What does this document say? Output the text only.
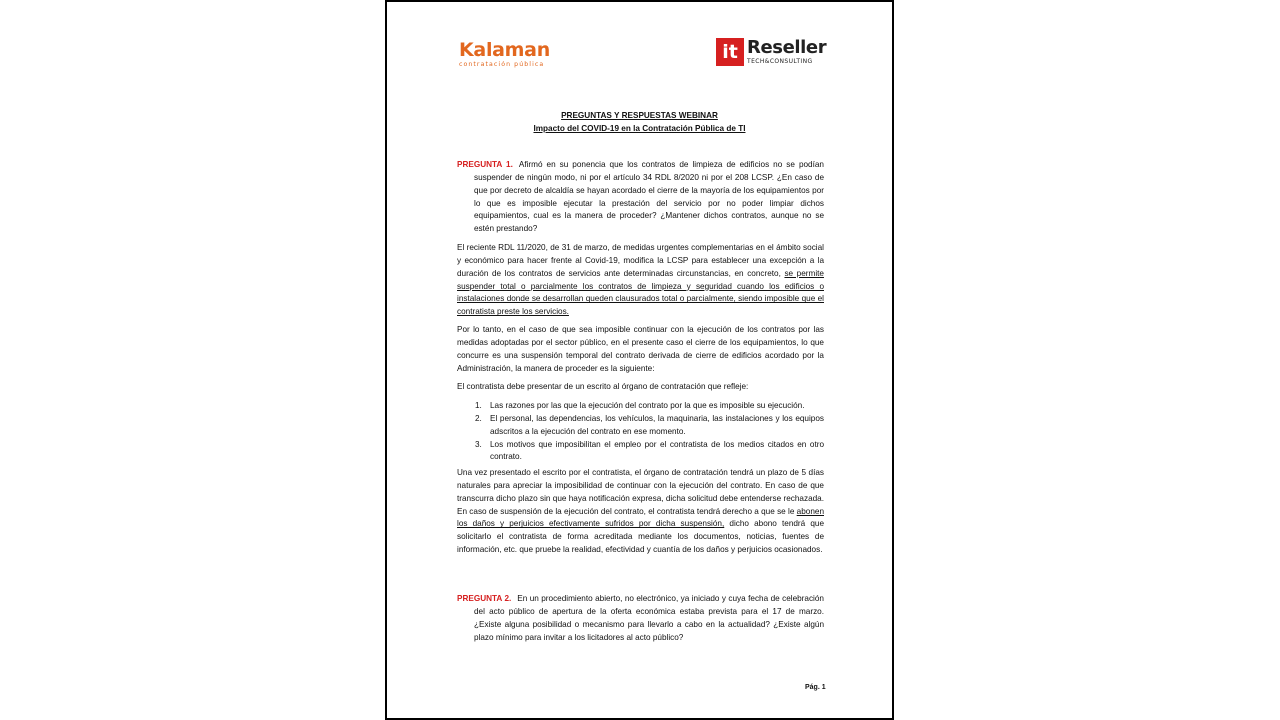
Kalaman
contratación pública
it Reseller
TECH&CONSULTING
PREGUNTAS Y RESPUESTAS WEBINAR
Impacto del COVID-19 en la Contratación Pública de TI
PREGUNTA 1. Afirmó en su ponencia que los contratos de limpieza de edificios no se podían suspender de ningún modo, ni por el artículo 34 RDL 8/2020 ni por el 208 LCSP. ¿En caso de que por decreto de alcaldía se hayan acordado el cierre de la mayoría de los equipamientos por lo que es imposible ejecutar la prestación del servicio por no poder limpiar dichos equipamientos, cual es la manera de proceder? ¿Mantener dichos contratos, aunque no se estén prestando?
El reciente RDL 11/2020, de 31 de marzo, de medidas urgentes complementarias en el ámbito social y económico para hacer frente al Covid-19, modifica la LCSP para establecer una excepción a la duración de los contratos de servicios ante determinadas circunstancias, en concreto, se permite suspender total o parcialmente los contratos de limpieza y seguridad cuando los edificios o instalaciones donde se desarrollan queden clausurados total o parcialmente, siendo imposible que el contratista preste los servicios.
Por lo tanto, en el caso de que sea imposible continuar con la ejecución de los contratos por las medidas adoptadas por el sector público, en el presente caso el cierre de los equipamientos, lo que concurre es una suspensión temporal del contrato derivada de cierre de edificios acordado por la Administración, la manera de proceder es la siguiente:
El contratista debe presentar de un escrito al órgano de contratación que refleje:
1. Las razones por las que la ejecución del contrato por la que es imposible su ejecución.
2. El personal, las dependencias, los vehículos, la maquinaria, las instalaciones y los equipos adscritos a la ejecución del contrato en ese momento.
3. Los motivos que imposibilitan el empleo por el contratista de los medios citados en otro contrato.
Una vez presentado el escrito por el contratista, el órgano de contratación tendrá un plazo de 5 días naturales para apreciar la imposibilidad de continuar con la ejecución del contrato. En caso de que transcurra dicho plazo sin que haya notificación expresa, dicha solicitud debe entenderse rechazada. En caso de suspensión de la ejecución del contrato, el contratista tendrá derecho a que se le abonen los daños y perjuicios efectivamente sufridos por dicha suspensión, dicho abono tendrá que solicitarlo el contratista de forma acreditada mediante los documentos, noticias, fuentes de información, etc. que pruebe la realidad, efectividad y cuantía de los daños y perjuicios ocasionados.
PREGUNTA 2. En un procedimiento abierto, no electrónico, ya iniciado y cuya fecha de celebración del acto público de apertura de la oferta económica estaba prevista para el 17 de marzo. ¿Existe alguna posibilidad o mecanismo para llevarlo a cabo en la actualidad? ¿Existe algún plazo mínimo para invitar a los licitadores al acto público?
Pág. 1
